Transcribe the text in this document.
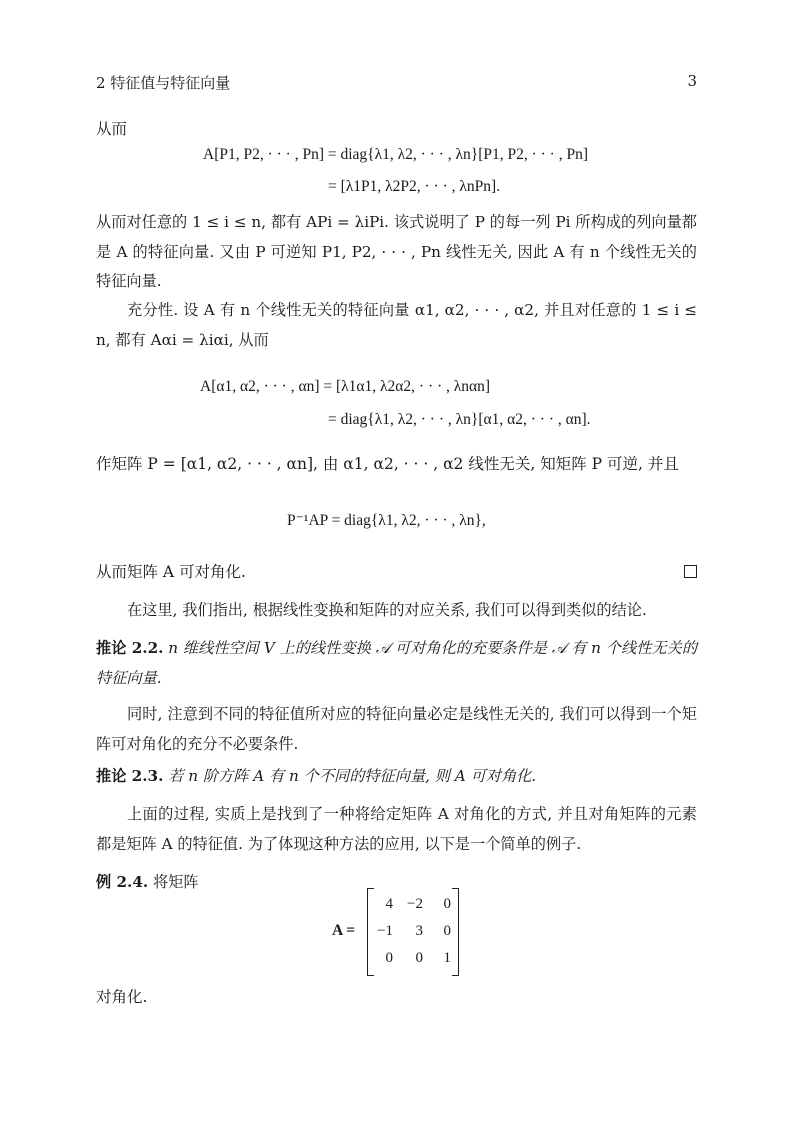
2 特征值与特征向量	3
从而
A[P1, P2, · · · , Pn] = diag{λ1, λ2, · · · , λn}[P1, P2, · · · , Pn]
= [λ1P1, λ2P2, · · · , λnPn].
从而对任意的 1 ≤ i ≤ n, 都有 APi = λiPi. 该式说明了 P 的每一列 Pi 所构成的列向量都是 A 的特征向量. 又由 P 可逆知 P1, P2, · · · , Pn 线性无关, 因此 A 有 n 个线性无关的特征向量.
充分性. 设 A 有 n 个线性无关的特征向量 α1, α2, · · · , α2, 并且对任意的 1 ≤ i ≤ n, 都有 Aαi = λiαi, 从而
A[α1, α2, · · · , αn] = [λ1α1, λ2α2, · · · , λnαn]
= diag{λ1, λ2, · · · , λn}[α1, α2, · · · , αn].
作矩阵 P = [α1, α2, · · · , αn], 由 α1, α2, · · · , α2 线性无关, 知矩阵 P 可逆, 并且
P⁻¹AP = diag{λ1, λ2, · · · , λn},
从而矩阵 A 可对角化.
在这里, 我们指出, 根据线性变换和矩阵的对应关系, 我们可以得到类似的结论.
推论 2.2. n 维线性空间 V 上的线性变换 𝒜 可对角化的充要条件是 𝒜 有 n 个线性无关的特征向量.
同时, 注意到不同的特征值所对应的特征向量必定是线性无关的, 我们可以得到一个矩阵可对角化的充分不必要条件.
推论 2.3. 若 n 阶方阵 A 有 n 个不同的特征向量, 则 A 可对角化.
上面的过程, 实质上是找到了一种将给定矩阵 A 对角化的方式, 并且对角矩阵的元素都是矩阵 A 的特征值. 为了体现这种方法的应用, 以下是一个简单的例子.
例 2.4. 将矩阵
A =
4 −2	0
−1	3	0
0	0	1
对角化.
